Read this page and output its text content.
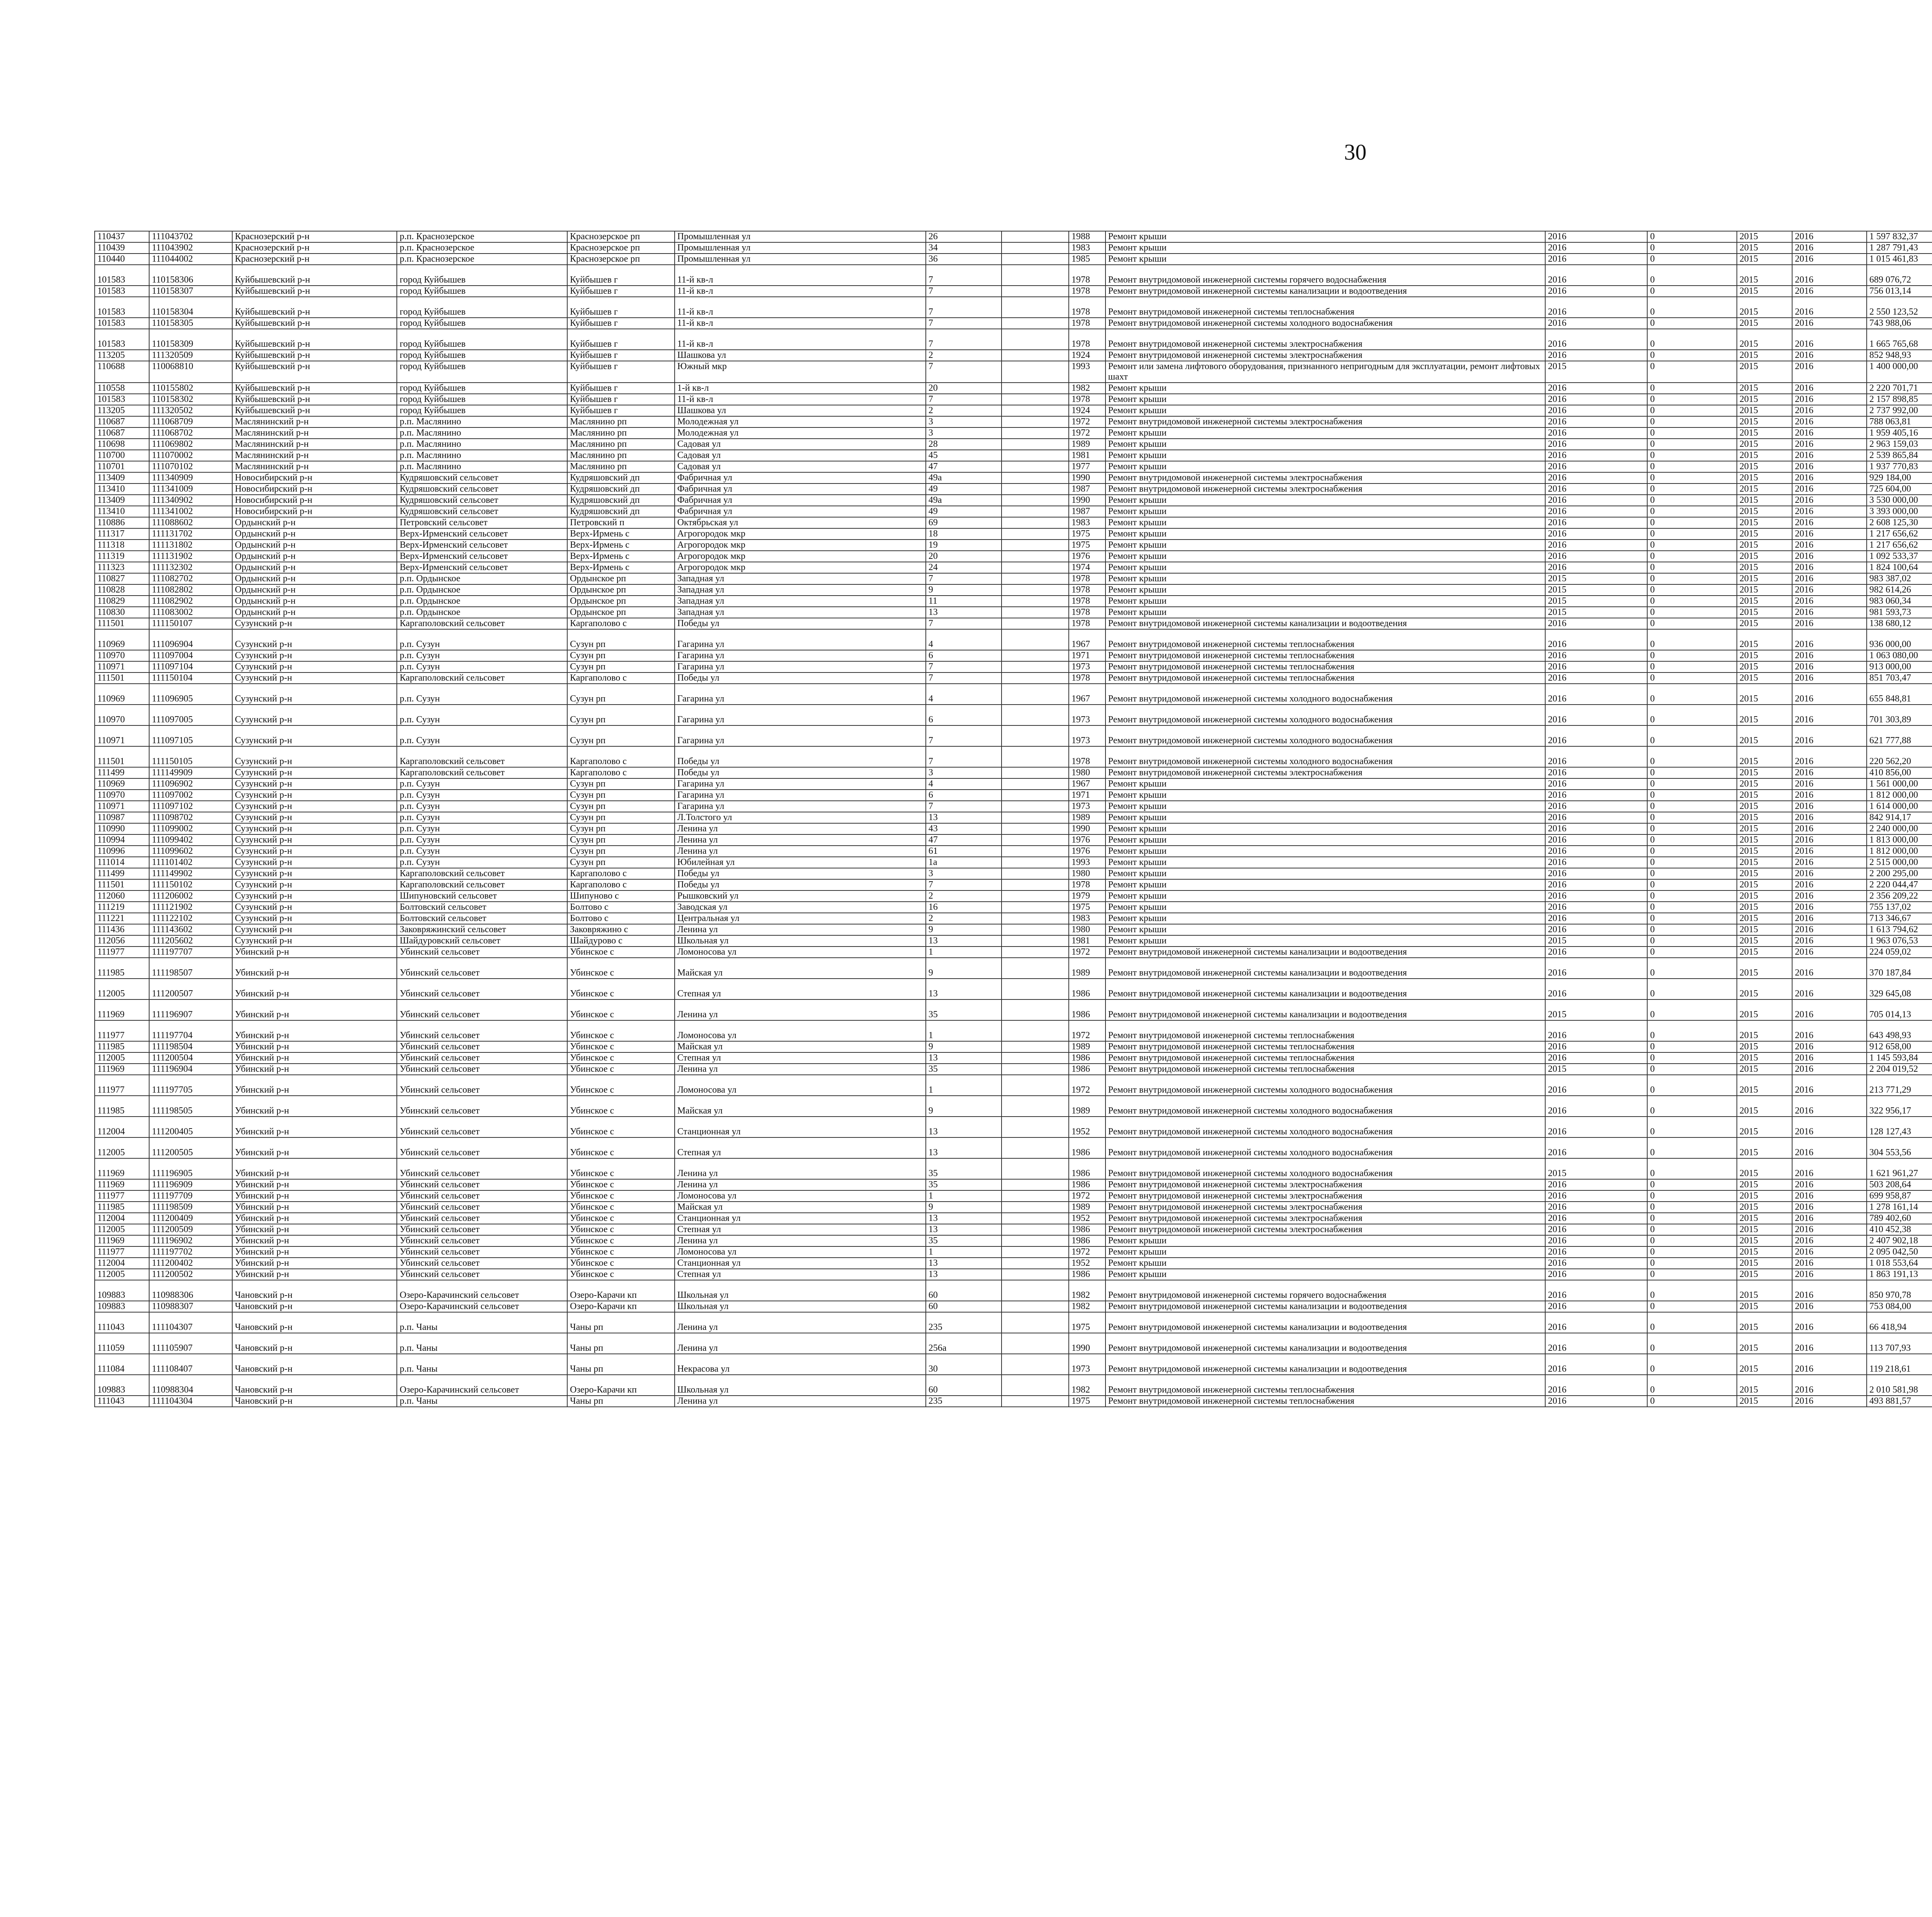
30
110437	111043702	Краснозерский р-н	р.п. Краснозерское	Краснозерское рп	Промышленная ул	26		1988	Ремонт крыши	2016	0	2015	2016	1 597 832,37							
110439	111043902	Краснозерский р-н	р.п. Краснозерское	Краснозерское рп	Промышленная ул	34		1983	Ремонт крыши	2016	0	2015	2016	1 287 791,43							
110440	111044002	Краснозерский р-н	р.п. Краснозерское	Краснозерское рп	Промышленная ул	36		1985	Ремонт крыши	2016	0	2015	2016	1 015 461,83							
101583	110158306	Куйбышевский р-н	город Куйбышев	Куйбышев г	11-й кв-л	7		1978	Ремонт внутридомовой инженерной системы горячего водоснабжения	2016	0	2015	2016	689 076,72							
101583	110158307	Куйбышевский р-н	город Куйбышев	Куйбышев г	11-й кв-л	7		1978	Ремонт внутридомовой инженерной системы канализации и водоотведения	2016	0	2015	2016	756 013,14							
101583	110158304	Куйбышевский р-н	город Куйбышев	Куйбышев г	11-й кв-л	7		1978	Ремонт внутридомовой инженерной системы теплоснабжения	2016	0	2015	2016	2 550 123,52							
101583	110158305	Куйбышевский р-н	город Куйбышев	Куйбышев г	11-й кв-л	7		1978	Ремонт внутридомовой инженерной системы холодного водоснабжения	2016	0	2015	2016	743 988,06							
101583	110158309	Куйбышевский р-н	город Куйбышев	Куйбышев г	11-й кв-л	7		1978	Ремонт внутридомовой инженерной системы электроснабжения	2016	0	2015	2016	1 665 765,68							
113205	111320509	Куйбышевский р-н	город Куйбышев	Куйбышев г	Шашкова ул	2		1924	Ремонт внутридомовой инженерной системы электроснабжения	2016	0	2015	2016	852 948,93							
110688	110068810	Куйбышевский р-н	город Куйбышев	Куйбышев г	Южный мкр	7		1993	Ремонт или замена лифтового оборудования, признанного непригодным для эксплуатации, ремонт лифтовых шахт	2015	0	2015	2016	1 400 000,00							
110558	110155802	Куйбышевский р-н	город Куйбышев	Куйбышев г	1-й кв-л	20		1982	Ремонт крыши	2016	0	2015	2016	2 220 701,71							
101583	110158302	Куйбышевский р-н	город Куйбышев	Куйбышев г	11-й кв-л	7		1978	Ремонт крыши	2016	0	2015	2016	2 157 898,85							
113205	111320502	Куйбышевский р-н	город Куйбышев	Куйбышев г	Шашкова ул	2		1924	Ремонт крыши	2016	0	2015	2016	2 737 992,00							
110687	111068709	Маслянинский р-н	р.п. Маслянино	Маслянино рп	Молодежная ул	3		1972	Ремонт внутридомовой инженерной системы электроснабжения	2016	0	2015	2016	788 063,81							
110687	111068702	Маслянинский р-н	р.п. Маслянино	Маслянино рп	Молодежная ул	3		1972	Ремонт крыши	2016	0	2015	2016	1 959 405,16							
110698	111069802	Маслянинский р-н	р.п. Маслянино	Маслянино рп	Садовая ул	28		1989	Ремонт крыши	2016	0	2015	2016	2 963 159,03							
110700	111070002	Маслянинский р-н	р.п. Маслянино	Маслянино рп	Садовая ул	45		1981	Ремонт крыши	2016	0	2015	2016	2 539 865,84							
110701	111070102	Маслянинский р-н	р.п. Маслянино	Маслянино рп	Садовая ул	47		1977	Ремонт крыши	2016	0	2015	2016	1 937 770,83							
113409	111340909	Новосибирский р-н	Кудряшовский сельсовет	Кудряшовский дп	Фабричная ул	49а		1990	Ремонт внутридомовой инженерной системы электроснабжения	2016	0	2015	2016	929 184,00							
113410	111341009	Новосибирский р-н	Кудряшовский сельсовет	Кудряшовский дп	Фабричная ул	49		1987	Ремонт внутридомовой инженерной системы электроснабжения	2016	0	2015	2016	725 604,00							
113409	111340902	Новосибирский р-н	Кудряшовский сельсовет	Кудряшовский дп	Фабричная ул	49а		1990	Ремонт крыши	2016	0	2015	2016	3 530 000,00							
113410	111341002	Новосибирский р-н	Кудряшовский сельсовет	Кудряшовский дп	Фабричная ул	49		1987	Ремонт крыши	2016	0	2015	2016	3 393 000,00							
110886	111088602	Ордынский р-н	Петровский сельсовет	Петровский п	Октябрьская ул	69		1983	Ремонт крыши	2016	0	2015	2016	2 608 125,30							
111317	111131702	Ордынский р-н	Верх-Ирменский сельсовет	Верх-Ирмень с	Агрогородок мкр	18		1975	Ремонт крыши	2016	0	2015	2016	1 217 656,62							
111318	111131802	Ордынский р-н	Верх-Ирменский сельсовет	Верх-Ирмень с	Агрогородок мкр	19		1975	Ремонт крыши	2016	0	2015	2016	1 217 656,62							
111319	111131902	Ордынский р-н	Верх-Ирменский сельсовет	Верх-Ирмень с	Агрогородок мкр	20		1976	Ремонт крыши	2016	0	2015	2016	1 092 533,37							
111323	111132302	Ордынский р-н	Верх-Ирменский сельсовет	Верх-Ирмень с	Агрогородок мкр	24		1974	Ремонт крыши	2016	0	2015	2016	1 824 100,64							
110827	111082702	Ордынский р-н	р.п. Ордынское	Ордынское рп	Западная ул	7		1978	Ремонт крыши	2015	0	2015	2016	983 387,02							
110828	111082802	Ордынский р-н	р.п. Ордынское	Ордынское рп	Западная ул	9		1978	Ремонт крыши	2015	0	2015	2016	982 614,26							
110829	111082902	Ордынский р-н	р.п. Ордынское	Ордынское рп	Западная ул	11		1978	Ремонт крыши	2015	0	2015	2016	983 060,34							
110830	111083002	Ордынский р-н	р.п. Ордынское	Ордынское рп	Западная ул	13		1978	Ремонт крыши	2015	0	2015	2016	981 593,73							
111501	111150107	Сузунский р-н	Каргаполовский сельсовет	Каргаполово с	Победы ул	7		1978	Ремонт внутридомовой инженерной системы канализации и водоотведения	2016	0	2015	2016	138 680,12							
110969	111096904	Сузунский р-н	р.п. Сузун	Сузун рп	Гагарина ул	4		1967	Ремонт внутридомовой инженерной системы теплоснабжения	2016	0	2015	2016	936 000,00							
110970	111097004	Сузунский р-н	р.п. Сузун	Сузун рп	Гагарина ул	6		1971	Ремонт внутридомовой инженерной системы теплоснабжения	2016	0	2015	2016	1 063 080,00							
110971	111097104	Сузунский р-н	р.п. Сузун	Сузун рп	Гагарина ул	7		1973	Ремонт внутридомовой инженерной системы теплоснабжения	2016	0	2015	2016	913 000,00							
111501	111150104	Сузунский р-н	Каргаполовский сельсовет	Каргаполово с	Победы ул	7		1978	Ремонт внутридомовой инженерной системы теплоснабжения	2016	0	2015	2016	851 703,47							
110969	111096905	Сузунский р-н	р.п. Сузун	Сузун рп	Гагарина ул	4		1967	Ремонт внутридомовой инженерной системы холодного водоснабжения	2016	0	2015	2016	655 848,81							
110970	111097005	Сузунский р-н	р.п. Сузун	Сузун рп	Гагарина ул	6		1973	Ремонт внутридомовой инженерной системы холодного водоснабжения	2016	0	2015	2016	701 303,89							
110971	111097105	Сузунский р-н	р.п. Сузун	Сузун рп	Гагарина ул	7		1973	Ремонт внутридомовой инженерной системы холодного водоснабжения	2016	0	2015	2016	621 777,88							
111501	111150105	Сузунский р-н	Каргаполовский сельсовет	Каргаполово с	Победы ул	7		1978	Ремонт внутридомовой инженерной системы холодного водоснабжения	2016	0	2015	2016	220 562,20							
111499	111149909	Сузунский р-н	Каргаполовский сельсовет	Каргаполово с	Победы ул	3		1980	Ремонт внутридомовой инженерной системы электроснабжения	2016	0	2015	2016	410 856,00							
110969	111096902	Сузунский р-н	р.п. Сузун	Сузун рп	Гагарина ул	4		1967	Ремонт крыши	2016	0	2015	2016	1 561 000,00							
110970	111097002	Сузунский р-н	р.п. Сузун	Сузун рп	Гагарина ул	6		1971	Ремонт крыши	2016	0	2015	2016	1 812 000,00							
110971	111097102	Сузунский р-н	р.п. Сузун	Сузун рп	Гагарина ул	7		1973	Ремонт крыши	2016	0	2015	2016	1 614 000,00							
110987	111098702	Сузунский р-н	р.п. Сузун	Сузун рп	Л.Толстого ул	13		1989	Ремонт крыши	2016	0	2015	2016	842 914,17							
110990	111099002	Сузунский р-н	р.п. Сузун	Сузун рп	Ленина ул	43		1990	Ремонт крыши	2016	0	2015	2016	2 240 000,00							
110994	111099402	Сузунский р-н	р.п. Сузун	Сузун рп	Ленина ул	47		1976	Ремонт крыши	2016	0	2015	2016	1 813 000,00							
110996	111099602	Сузунский р-н	р.п. Сузун	Сузун рп	Ленина ул	61		1976	Ремонт крыши	2016	0	2015	2016	1 812 000,00							
111014	111101402	Сузунский р-н	р.п. Сузун	Сузун рп	Юбилейная ул	1а		1993	Ремонт крыши	2016	0	2015	2016	2 515 000,00							
111499	111149902	Сузунский р-н	Каргаполовский сельсовет	Каргаполово с	Победы ул	3		1980	Ремонт крыши	2016	0	2015	2016	2 200 295,00							
111501	111150102	Сузунский р-н	Каргаполовский сельсовет	Каргаполово с	Победы ул	7		1978	Ремонт крыши	2016	0	2015	2016	2 220 044,47							
112060	111206002	Сузунский р-н	Шипуновский сельсовет	Шипуново с	Рышковский ул	2		1979	Ремонт крыши	2016	0	2015	2016	2 356 209,22							
111219	111121902	Сузунский р-н	Болтовский сельсовет	Болтово с	Заводская ул	16		1975	Ремонт крыши	2016	0	2015	2016	755 137,02							
111221	111122102	Сузунский р-н	Болтовский сельсовет	Болтово с	Центральная ул	2		1983	Ремонт крыши	2016	0	2015	2016	713 346,67							
111436	111143602	Сузунский р-н	Заковряжинский сельсовет	Заковряжино с	Ленина ул	9		1980	Ремонт крыши	2016	0	2015	2016	1 613 794,62							
112056	111205602	Сузунский р-н	Шайдуровский сельсовет	Шайдурово с	Школьная ул	13		1981	Ремонт крыши	2015	0	2015	2016	1 963 076,53							
111977	111197707	Убинский р-н	Убинский сельсовет	Убинское с	Ломоносова ул	1		1972	Ремонт внутридомовой инженерной системы канализации и водоотведения	2016	0	2015	2016	224 059,02							
111985	111198507	Убинский р-н	Убинский сельсовет	Убинское с	Майская ул	9		1989	Ремонт внутридомовой инженерной системы канализации и водоотведения	2016	0	2015	2016	370 187,84							
112005	111200507	Убинский р-н	Убинский сельсовет	Убинское с	Степная ул	13		1986	Ремонт внутридомовой инженерной системы канализации и водоотведения	2016	0	2015	2016	329 645,08							
111969	111196907	Убинский р-н	Убинский сельсовет	Убинское с	Ленина ул	35		1986	Ремонт внутридомовой инженерной системы канализации и водоотведения	2015	0	2015	2016	705 014,13							
111977	111197704	Убинский р-н	Убинский сельсовет	Убинское с	Ломоносова ул	1		1972	Ремонт внутридомовой инженерной системы теплоснабжения	2016	0	2015	2016	643 498,93							
111985	111198504	Убинский р-н	Убинский сельсовет	Убинское с	Майская ул	9		1989	Ремонт внутридомовой инженерной системы теплоснабжения	2016	0	2015	2016	912 658,00							
112005	111200504	Убинский р-н	Убинский сельсовет	Убинское с	Степная ул	13		1986	Ремонт внутридомовой инженерной системы теплоснабжения	2016	0	2015	2016	1 145 593,84							
111969	111196904	Убинский р-н	Убинский сельсовет	Убинское с	Ленина ул	35		1986	Ремонт внутридомовой инженерной системы теплоснабжения	2015	0	2015	2016	2 204 019,52							
111977	111197705	Убинский р-н	Убинский сельсовет	Убинское с	Ломоносова ул	1		1972	Ремонт внутридомовой инженерной системы холодного водоснабжения	2016	0	2015	2016	213 771,29							
111985	111198505	Убинский р-н	Убинский сельсовет	Убинское с	Майская ул	9		1989	Ремонт внутридомовой инженерной системы холодного водоснабжения	2016	0	2015	2016	322 956,17							
112004	111200405	Убинский р-н	Убинский сельсовет	Убинское с	Станционная ул	13		1952	Ремонт внутридомовой инженерной системы холодного водоснабжения	2016	0	2015	2016	128 127,43							
112005	111200505	Убинский р-н	Убинский сельсовет	Убинское с	Степная ул	13		1986	Ремонт внутридомовой инженерной системы холодного водоснабжения	2016	0	2015	2016	304 553,56							
111969	111196905	Убинский р-н	Убинский сельсовет	Убинское с	Ленина ул	35		1986	Ремонт внутридомовой инженерной системы холодного водоснабжения	2015	0	2015	2016	1 621 961,27							
111969	111196909	Убинский р-н	Убинский сельсовет	Убинское с	Ленина ул	35		1986	Ремонт внутридомовой инженерной системы электроснабжения	2016	0	2015	2016	503 208,64							
111977	111197709	Убинский р-н	Убинский сельсовет	Убинское с	Ломоносова ул	1		1972	Ремонт внутридомовой инженерной системы электроснабжения	2016	0	2015	2016	699 958,87							
111985	111198509	Убинский р-н	Убинский сельсовет	Убинское с	Майская ул	9		1989	Ремонт внутридомовой инженерной системы электроснабжения	2016	0	2015	2016	1 278 161,14							
112004	111200409	Убинский р-н	Убинский сельсовет	Убинское с	Станционная ул	13		1952	Ремонт внутридомовой инженерной системы электроснабжения	2016	0	2015	2016	789 402,60							
112005	111200509	Убинский р-н	Убинский сельсовет	Убинское с	Степная ул	13		1986	Ремонт внутридомовой инженерной системы электроснабжения	2016	0	2015	2016	410 452,38							
111969	111196902	Убинский р-н	Убинский сельсовет	Убинское с	Ленина ул	35		1986	Ремонт крыши	2016	0	2015	2016	2 407 902,18							
111977	111197702	Убинский р-н	Убинский сельсовет	Убинское с	Ломоносова ул	1		1972	Ремонт крыши	2016	0	2015	2016	2 095 042,50							
112004	111200402	Убинский р-н	Убинский сельсовет	Убинское с	Станционная ул	13		1952	Ремонт крыши	2016	0	2015	2016	1 018 553,64							
112005	111200502	Убинский р-н	Убинский сельсовет	Убинское с	Степная ул	13		1986	Ремонт крыши	2016	0	2015	2016	1 863 191,13							
109883	110988306	Чановский р-н	Озеро-Карачинский сельсовет	Озеро-Карачи кп	Школьная ул	60		1982	Ремонт внутридомовой инженерной системы горячего водоснабжения	2016	0	2015	2016	850 970,78							
109883	110988307	Чановский р-н	Озеро-Карачинский сельсовет	Озеро-Карачи кп	Школьная ул	60		1982	Ремонт внутридомовой инженерной системы канализации и водоотведения	2016	0	2015	2016	753 084,00							
111043	111104307	Чановский р-н	р.п. Чаны	Чаны рп	Ленина ул	235		1975	Ремонт внутридомовой инженерной системы канализации и водоотведения	2016	0	2015	2016	66 418,94							
111059	111105907	Чановский р-н	р.п. Чаны	Чаны рп	Ленина ул	256а		1990	Ремонт внутридомовой инженерной системы канализации и водоотведения	2016	0	2015	2016	113 707,93							
111084	111108407	Чановский р-н	р.п. Чаны	Чаны рп	Некрасова ул	30		1973	Ремонт внутридомовой инженерной системы канализации и водоотведения	2016	0	2015	2016	119 218,61							
109883	110988304	Чановский р-н	Озеро-Карачинский сельсовет	Озеро-Карачи кп	Школьная ул	60		1982	Ремонт внутридомовой инженерной системы теплоснабжения	2016	0	2015	2016	2 010 581,98							
111043	111104304	Чановский р-н	р.п. Чаны	Чаны рп	Ленина ул	235		1975	Ремонт внутридомовой инженерной системы теплоснабжения	2016	0	2015	2016	493 881,57							
